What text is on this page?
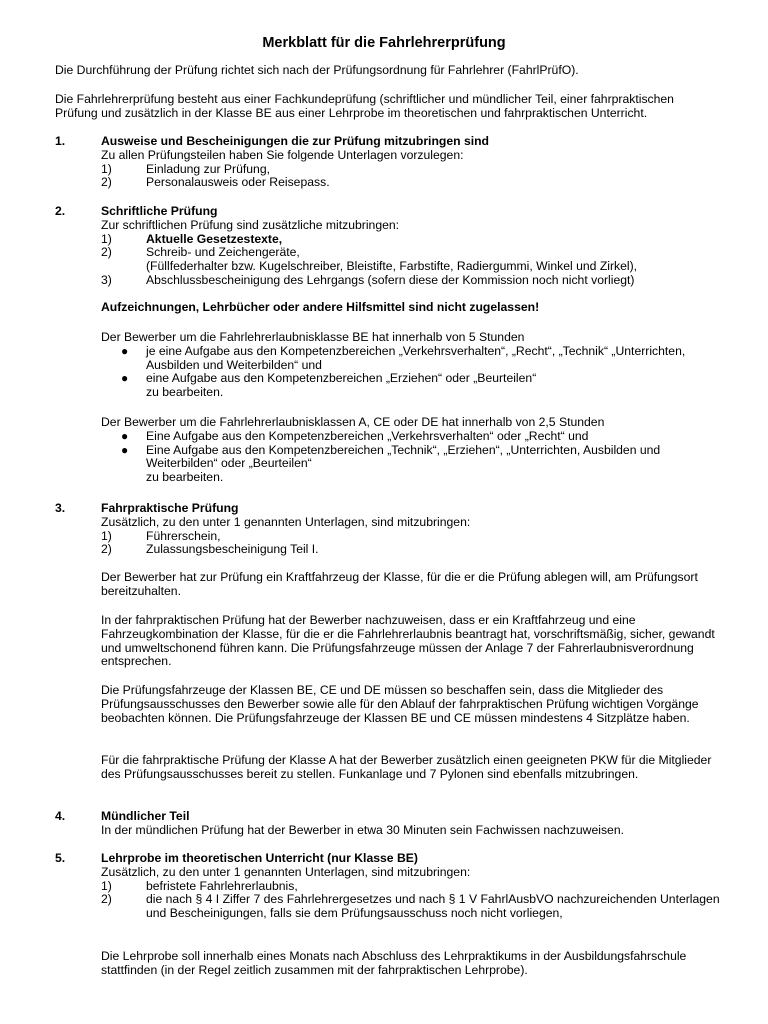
Merkblatt für die Fahrlehrerprüfung

Die Durchführung der Prüfung richtet sich nach der Prüfungsordnung für Fahrlehrer (FahrlPrüfO).

Die Fahrlehrerprüfung besteht aus einer Fachkundeprüfung (schriftlicher und mündlicher Teil, einer fahrpraktischen Prüfung und zusätzlich in der Klasse BE aus einer Lehrprobe im theoretischen und fahrpraktischen Unterricht.

1.	Ausweise und Bescheinigungen die zur Prüfung mitzubringen sind

Zu allen Prüfungsteilen haben Sie folgende Unterlagen vorzulegen:

1)	Einladung zur Prüfung,
2)	Personalausweis oder Reisepass.
2.	Schriftliche Prüfung

Zur schriftlichen Prüfung sind zusätzliche mitzubringen:

1)	Aktuelle Gesetzestexte,
2)	Schreib- und Zeichengeräte,
(Füllfederhalter bzw. Kugelschreiber, Bleistifte, Farbstifte, Radiergummi, Winkel und Zirkel),
3)	Abschlussbescheinigung des Lehrgangs (sofern diese der Kommission noch nicht vorliegt)

Aufzeichnungen, Lehrbücher oder andere Hilfsmittel sind nicht zugelassen!

Der Bewerber um die Fahrlehrerlaubnisklasse BE hat innerhalb von 5 Stunden

● je eine Aufgabe aus den Kompetenzbereichen „Verkehrsverhalten“, „Recht“, „Technik“ „Unterrichten, Ausbilden und Weiterbilden“ und
● eine Aufgabe aus den Kompetenzbereichen „Erziehen“ oder „Beurteilen“

zu bearbeiten.

Der Bewerber um die Fahrlehrerlaubnisklassen A, CE oder DE hat innerhalb von 2,5 Stunden

● Eine Aufgabe aus den Kompetenzbereichen „Verkehrsverhalten“ oder „Recht“ und
● Eine Aufgabe aus den Kompetenzbereichen „Technik“, „Erziehen“, „Unterrichten, Ausbilden und Weiterbilden“ oder „Beurteilen“

zu bearbeiten.

3.	Fahrpraktische Prüfung

Zusätzlich, zu den unter 1 genannten Unterlagen, sind mitzubringen:

1)	Führerschein,
2)	Zulassungsbescheinigung Teil I.

Der Bewerber hat zur Prüfung ein Kraftfahrzeug der Klasse, für die er die Prüfung ablegen will, am Prüfungsort bereitzuhalten.

In der fahrpraktischen Prüfung hat der Bewerber nachzuweisen, dass er ein Kraftfahrzeug und eine Fahrzeugkombination der Klasse, für die er die Fahrlehrerlaubnis beantragt hat, vorschriftsmäßig, sicher, gewandt und umweltschonend führen kann. Die Prüfungsfahrzeuge müssen der Anlage 7 der Fahrerlaubnisverordnung entsprechen.

Die Prüfungsfahrzeuge der Klassen BE, CE und DE müssen so beschaffen sein, dass die Mitglieder des Prüfungsausschusses den Bewerber sowie alle für den Ablauf der fahrpraktischen Prüfung wichtigen Vorgänge beobachten können. Die Prüfungsfahrzeuge der Klassen BE und CE müssen mindestens 4 Sitzplätze haben.

Für die fahrpraktische Prüfung der Klasse A hat der Bewerber zusätzlich einen geeigneten PKW für die Mitglieder des Prüfungsausschusses bereit zu stellen. Funkanlage und 7 Pylonen sind ebenfalls mitzubringen.

4.	Mündlicher Teil

In der mündlichen Prüfung hat der Bewerber in etwa 30 Minuten sein Fachwissen nachzuweisen.

5.	Lehrprobe im theoretischen Unterricht (nur Klasse BE)

Zusätzlich, zu den unter 1 genannten Unterlagen, sind mitzubringen:

1)	befristete Fahrlehrerlaubnis,
2)	die nach § 4 I Ziffer 7 des Fahrlehrergesetzes und nach § 1 V FahrlAusbVO nachzureichenden Unterlagen und Bescheinigungen, falls sie dem Prüfungsausschuss noch nicht vorliegen,

Die Lehrprobe soll innerhalb eines Monats nach Abschluss des Lehrpraktikums in der Ausbildungsfahrschule stattfinden (in der Regel zeitlich zusammen mit der fahrpraktischen Lehrprobe).
